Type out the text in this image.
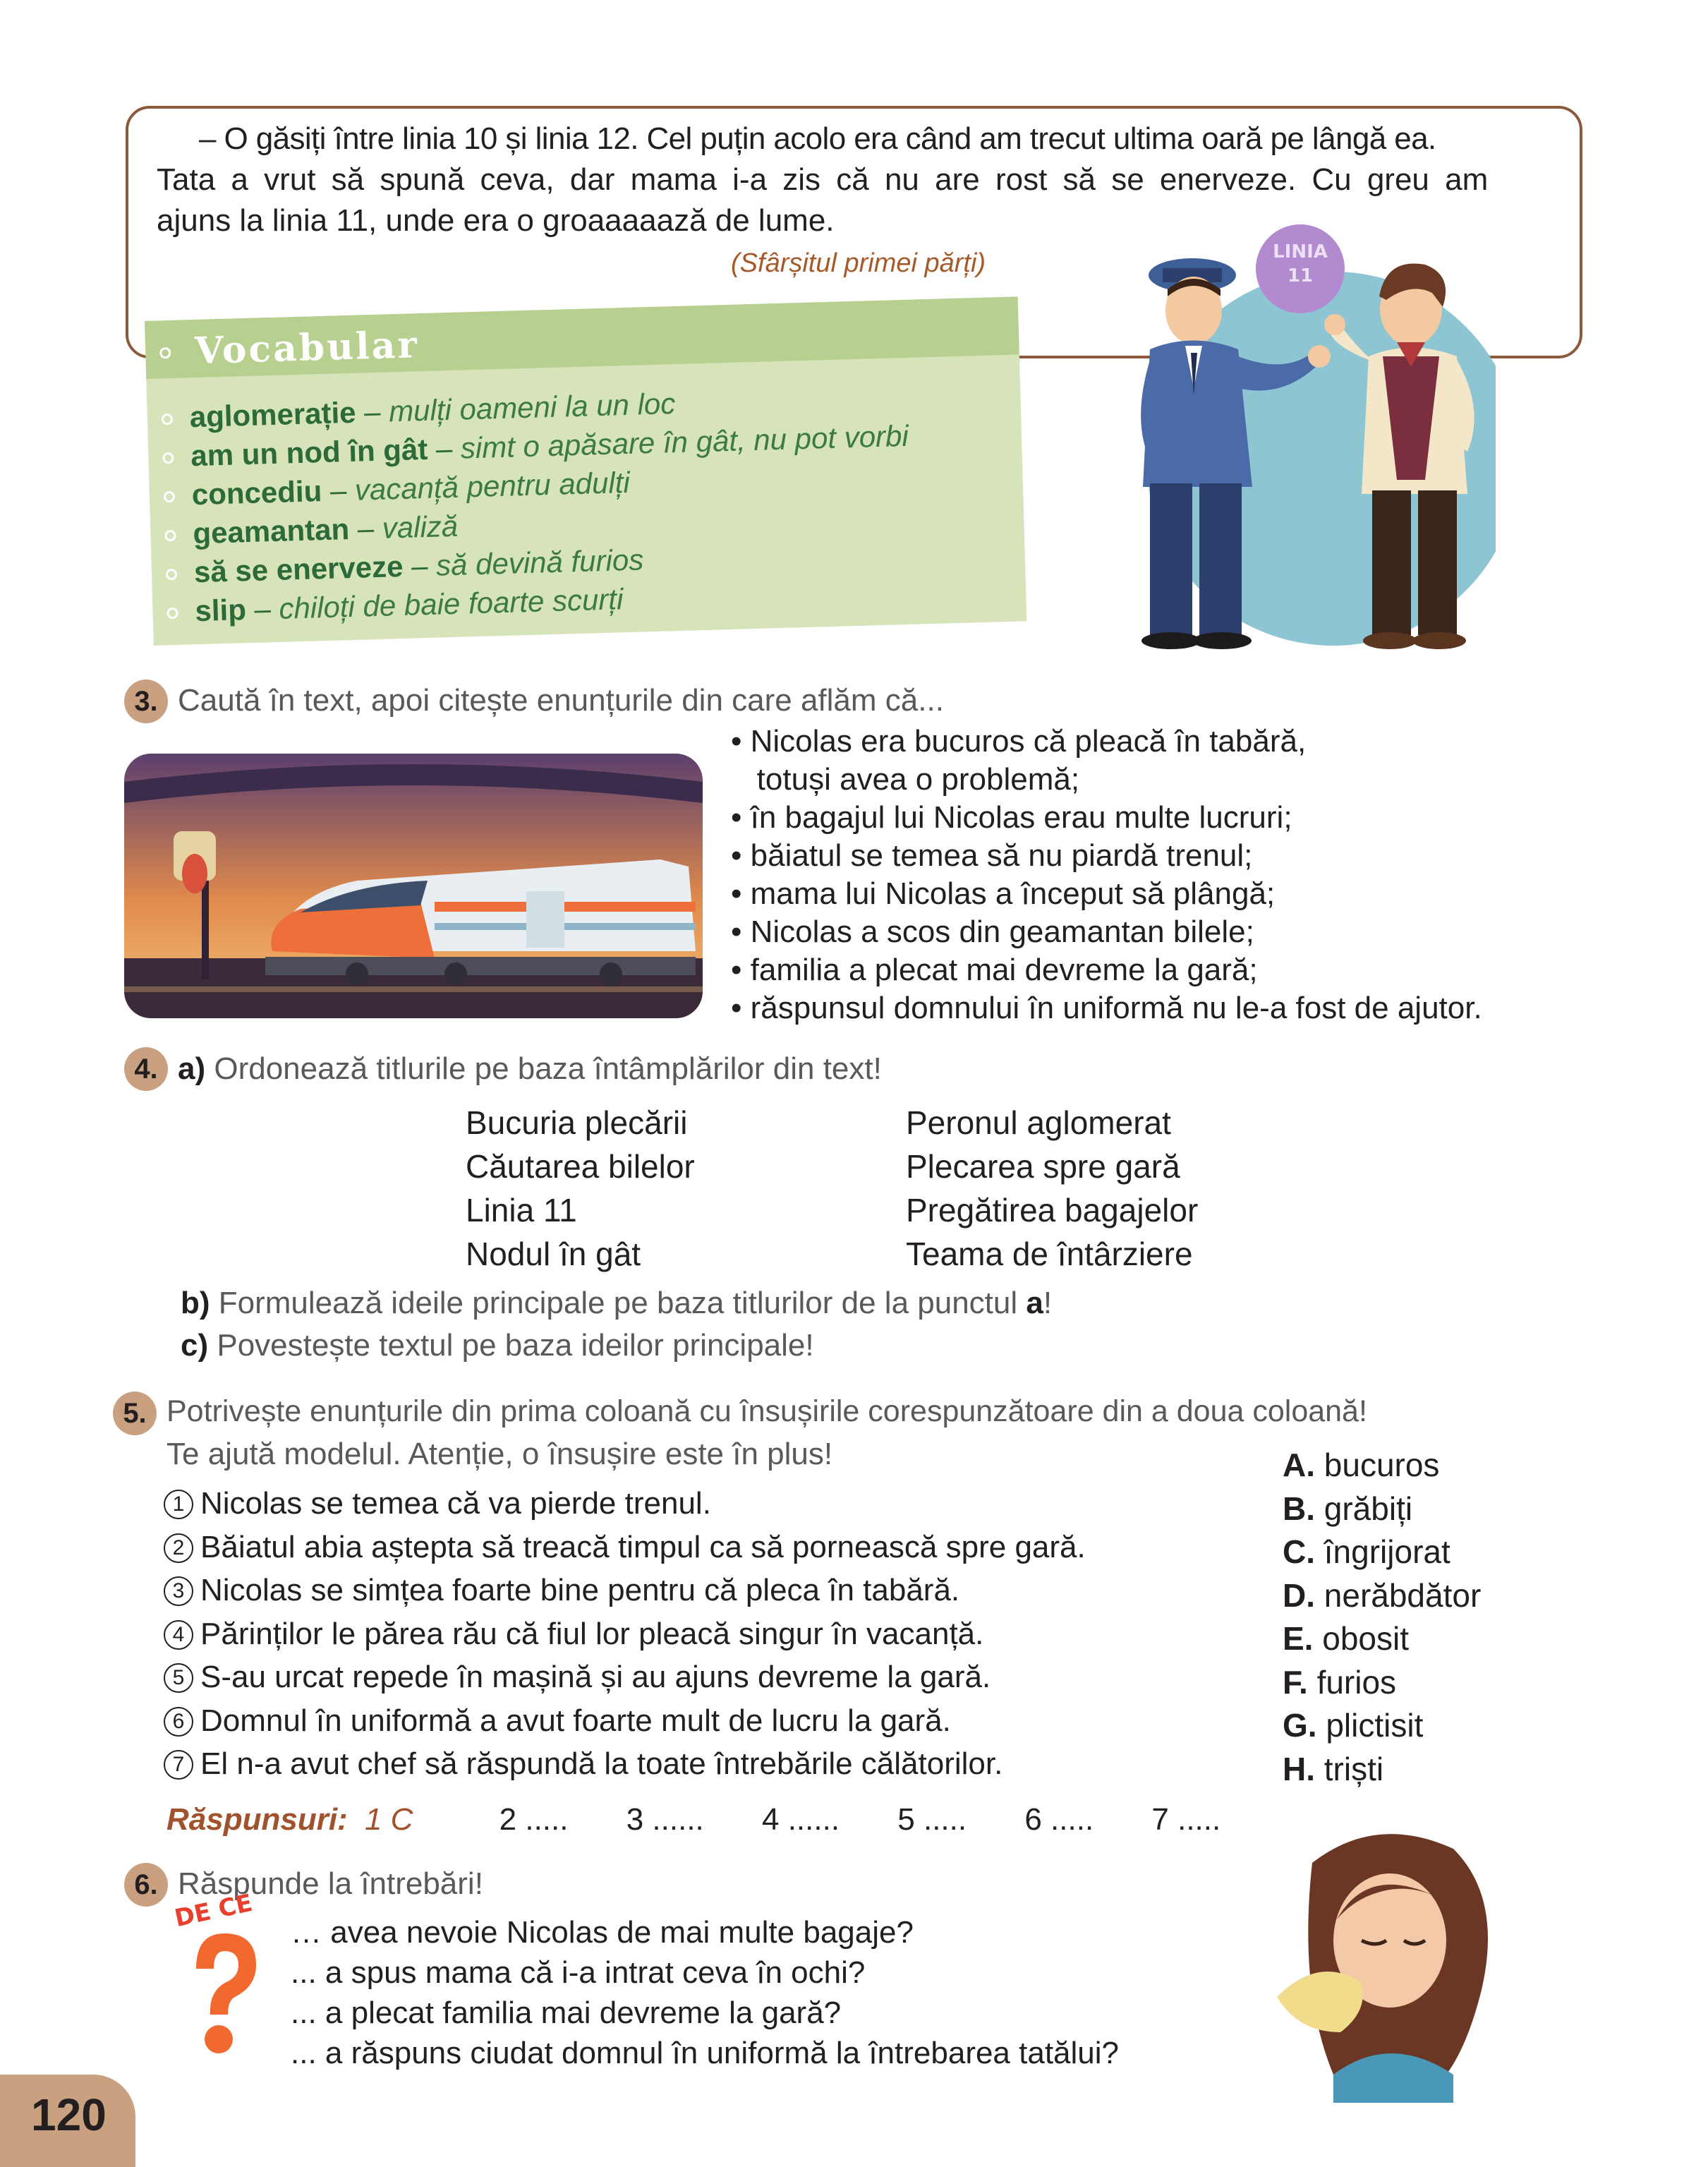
– O găsiți între linia 10 și linia 12. Cel puțin acolo era când am trecut ultima oară pe lângă ea.
Tata a vrut să spună ceva, dar mama i-a zis că nu are rost să se enerveze. Cu greu am
ajuns la linia 11, unde era o groaaaaază de lume.
(Sfârșitul primei părți)	LINIA
11
Vocabular
aglomerație – mulți oameni la un loc
am un nod în gât – simt o apăsare în gât, nu pot vorbi
concediu – vacanță pentru adulți
geamantan – valiză
să se enerveze – să devină furios
slip – chiloți de baie foarte scurți
3. Caută în text, apoi citește enunțurile din care aflăm că...
• Nicolas era bucuros că pleacă în tabără,
totuși avea o problemă;
• în bagajul lui Nicolas erau multe lucruri;
• băiatul se temea să nu piardă trenul;
• mama lui Nicolas a început să plângă;
• Nicolas a scos din geamantan bilele;
• familia a plecat mai devreme la gară;
• răspunsul domnului în uniformă nu le-a fost de ajutor.
4. a) Ordonează titlurile pe baza întâmplărilor din text!
Bucuria plecării
Căutarea bilelor
Linia 11
Nodul în gât
Peronul aglomerat
Plecarea spre gară
Pregătirea bagajelor
Teama de întârziere
b) Formulează ideile principale pe baza titlurilor de la punctul a!
c) Povestește textul pe baza ideilor principale!
5. Potrivește enunțurile din prima coloană cu însușirile corespunzătoare din a doua coloană!
Te ajută modelul. Atenție, o însușire este în plus!
1 Nicolas se temea că va pierde trenul.
2 Băiatul abia aștepta să treacă timpul ca să pornească spre gară.
3 Nicolas se simțea foarte bine pentru că pleca în tabără.
4 Părinților le părea rău că fiul lor pleacă singur în vacanță.
5 S-au urcat repede în mașină și au ajuns devreme la gară.
6 Domnul în uniformă a avut foarte mult de lucru la gară.
7 El n-a avut chef să răspundă la toate întrebările călătorilor.
A. bucuros
B. grăbiți
C. îngrijorat
D. nerăbdător
E. obosit
F. furios
G. plictisit
H. triști
Răspunsuri: 1 C	2 ..... 3 ...... 4 ...... 5 ..... 6 ..... 7 .....
6. Răspunde la întrebări!
DE CE … avea nevoie Nicolas de mai multe bagaje?
... a spus mama că i-a intrat ceva în ochi?
... a plecat familia mai devreme la gară?
... a răspuns ciudat domnul în uniformă la întrebarea tatălui?
120
